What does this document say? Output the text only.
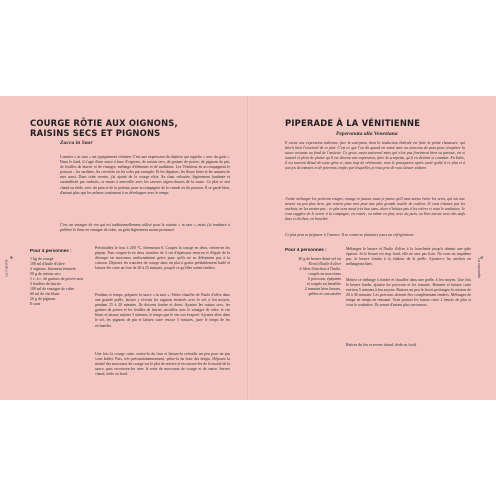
Le marché
8
COURGE RÔTIE AUX OIGNONS, RAISINS SECS ET PIGNONS

Zucca in Saor

Cuisiner « in saor » est typiquement vénitien. C'est une expression du dialecte qui signifie « avec du goût ». Dans le fond, il s'agit d'une sauce à base d'oignons, de raisins secs, de graines de poivre, de pignons de pin, de feuilles de laurier et de vinaigre, mélange d'éléments et de traditions. Les Vénitiens en accompagnent le poisson – les sardines, les crevettes ou les soles par exemple. Et les légumes, les fleurs frites et les amuses de mer aussi. Dans cette recette, j'ai ajouté de la courge rôtie. Sa chair veloutée, légèrement fondante et caramélisée par endroits, se marie à merveille avec les saveurs aigres-douces de la sauce. Ce plat se sert chaud ou tiède, avec du pain et de la polenta, pour accompagner de la viande ou du poisson. Il se garde bien, d'autant plus que les arômes continuent à se développer avec le temps.

C'est un vinaigre de vin qui est traditionnellement utilisé pour la cuisine « in saor », mais j'ai tendance à préférer le fleur en vinaigre de cidre, au goût légèrement moins prononcé.

Pour 4 personnes :

1 kg de courge
100 ml d'huile d'olive
2 oignons, finement émincés
50 g de raisins secs
1 c. à c. de graines de poivre noir
5 feuilles de laurier
100 ml de vinaigre de cidre
60 ml de vin blanc
20 g de pignons
Il sont

Préchauffez le four à 200 °C, thermostat 6. Coupez la courge en deux, retirez-en les pépins. Puis coupez-la en deux tranches de 3 cm d'épaisseur environ et d'égale de la découpe en morceaux uniformément grâce pour qu'ils ne se déforment pas à la cuisson. Déposez les tranches de courge dans un plat à gratin préalablement huilé et laissez-les cuire au four de 20 à 25 minutes, jusqu'à ce qu'elles soient tendres.

Pendant ce temps, préparez la sauce « in saor ». Faites chauffer de l'huile d'olive dans une grande poêle, laissez y revenir les oignons émincés avec le sel, à feu moyen, pendant 15 à 20 minutes. Ils doivent fondre et dorer. Ajoutez les raisins secs, les graines de poivre et les feuilles de laurier, mouillez avec le vinaigre de cidre, le vin blanc et laissez mijoter 5 minutes, le temps que le vin soit évaporé. Ajoutez alors dans le sel, les pignons de pin et laissez cuire encore 5 minutes, juste le temps de les réchauffer.

Une fois la courge cuite, sortez-la du four et laissez-la refroidir un peu pour ne pas vous brûler. Puis, très précautionneusement, pelez-la du bout des doigts. Déposez la moitié des morceaux de courge sur le plat de service et recouvrez-les de la moitié de la sauce, puis recouvrez-les avec le reste de morceaux de courge et de sauce. Servez chaud, tiède ou froid.

PIPERADE À LA VÉNITIENNE

Peperonata alla Veneziana

Il existe une expression italienne, fare la scarpetta, dont la traduction littérale est faire la petite chaussure, qui décrit bien l'essentiel de ce plat. C'est ce que l'on dit quand on saisit avec un morceau de pain pour récupérer la sauce restante au fond de l'assiette. Ce geste, assez universel mais qui n'est pas forcément bien vu partout, est si naturel et plein de plaisir qu'il est devenu une expression, faire la scarpetta, qu'il en devient si commun. En Italie, il est souvent dénué de toute gêne et, sans trop de cérémonie, vous le pratiquerez après avoir goûté à ce plat et à son jus de tomates et de poivrons confits par lesquelles je vous prie de vous laisser séduire.

J'aime mélanger les poivrons rouges, orange et jaunes, mais je pense qu'il vaut mieux éviter les verts, qui ont une saveur un peu plus âcre, qui restent pour moi pour une plus grande touche de couleur. Si vous n'aimez pas les anchois, ne les mettez pas : ce plat sera aussi très bon sans, alors n'hésitez pas à les retirer si vous le souhaitez. Je vous suggère de le servir à la campagne, en entrée, ou même en plat, avec du pain, ou bien encore avec des œufs durs et du thon, en bouchée.

Ce plat peut se préparer à l'avance. Il se conserve plusieurs jours au réfrigérateur.

Pour 4 personnes :

30 g de beurre demi-sel ou
30 ml d'huile d'olive
4 filets d'anchois à l'huile,
coupés en morceaux
6 poivrons, épépinés
et coupés en lamelles
2 tomates bien fermes,
pelées et concassées

Mélangez le beurre et l'huile d'olive à la fourchette jusqu'à obtenir une pâte épaisse. Si le beurre est trop froid, elle ne sera pas lisse. Ne vous en inquiétez pas, le beurre fondra à la chaleur de la poêle. Ajoutez-y les anchois en mélangeant bien.

Mettez ce mélange à fondre et chauffez dans une poêle, à feu moyen. Une fois le beurre fondu, ajoutez les poivrons et les tomates. Remuez et laissez cuire environ 5 minutes à feu moyen. Baissez un peu le feu et prolongez la cuisson de 20 à 30 minutes. Les poivrons doivent être complètement tendres. Mélangez de temps en temps en remuant. Vous pouvez les laisser cuire 2 heures de plus si vous le souhaitez. Ils seront d'autant plus savoureux.

Retirez du feu et servez chaud, tiède ou froid.

9
La vaporetto
